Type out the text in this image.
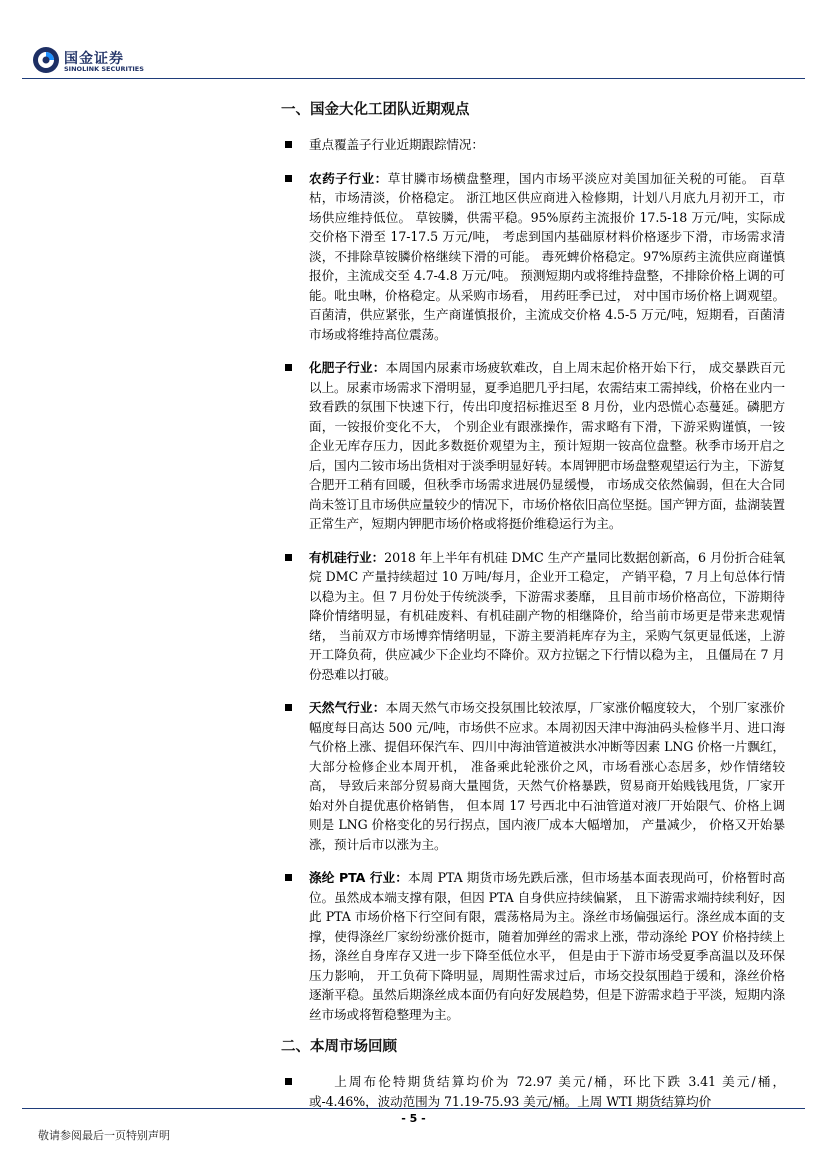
国金证券
SINOLINK SECURITIES
一、国金大化工团队近期观点

重点覆盖子行业近期跟踪情况：

农药子行业：草甘膦市场横盘整理，国内市场平淡应对美国加征关税的可能。 百草枯，市场清淡，价格稳定。 浙江地区供应商进入检修期，计划八月底九月初开工，市场供应维持低位。 草铵膦，供需平稳。95%原药主流报价 17.5-18 万元/吨，实际成交价格下滑至 17-17.5 万元/吨， 考虑到国内基础原材料价格逐步下滑，市场需求清淡，不排除草铵膦价格继续下滑的可能。 毒死蜱价格稳定。97%原药主流供应商谨慎报价，主流成交至 4.7-4.8 万元/吨。 预测短期内或将维持盘整，不排除价格上调的可能。吡虫啉，价格稳定。从采购市场看， 用药旺季已过， 对中国市场价格上调观望。百菌清，供应紧张，生产商谨慎报价，主流成交价格 4.5-5 万元/吨，短期看，百菌清市场或将维持高位震荡。

化肥子行业：本周国内尿素市场疲软难改，自上周末起价格开始下行， 成交暴跌百元以上。尿素市场需求下滑明显，夏季追肥几乎扫尾，农需结束工需掉线，价格在业内一致看跌的氛围下快速下行，传出印度招标推迟至 8 月份，业内恐慌心态蔓延。磷肥方面，一铵报价变化不大， 个别企业有跟涨操作，需求略有下滑，下游采购谨慎，一铵企业无库存压力，因此多数挺价观望为主，预计短期一铵高位盘整。秋季市场开启之后，国内二铵市场出货相对于淡季明显好转。本周钾肥市场盘整观望运行为主，下游复合肥开工稍有回暖，但秋季市场需求进展仍显缓慢， 市场成交依然偏弱，但在大合同尚未签订且市场供应量较少的情况下，市场价格依旧高位坚挺。国产钾方面，盐湖装置正常生产，短期内钾肥市场价格或将挺价维稳运行为主。

有机硅行业：2018 年上半年有机硅 DMC 生产产量同比数据创新高，6 月份折合硅氧烷 DMC 产量持续超过 10 万吨/每月，企业开工稳定， 产销平稳，7 月上旬总体行情以稳为主。但 7 月份处于传统淡季，下游需求萎靡， 且目前市场价格高位，下游期待降价情绪明显，有机硅废料、有机硅副产物的相继降价，给当前市场更是带来悲观情绪， 当前双方市场博弈情绪明显，下游主要消耗库存为主，采购气氛更显低迷，上游开工降负荷，供应减少下企业均不降价。双方拉锯之下行情以稳为主， 且僵局在 7 月份恐难以打破。

天然气行业：本周天然气市场交投氛围比较浓厚，厂家涨价幅度较大， 个别厂家涨价幅度每日高达 500 元/吨，市场供不应求。本周初因天津中海油码头检修半月、进口海气价格上涨、提倡环保汽车、四川中海油管道被洪水冲断等因素 LNG 价格一片飘红， 大部分检修企业本周开机， 准备乘此轮涨价之风，市场看涨心态居多，炒作情绪较高， 导致后来部分贸易商大量囤货，天然气价格暴跌，贸易商开始贱钱甩货，厂家开始对外自提优惠价格销售， 但本周 17 号西北中石油管道对液厂开始限气、价格上调则是 LNG 价格变化的另行拐点，国内液厂成本大幅增加， 产量减少， 价格又开始暴涨，预计后市以涨为主。

涤纶 PTA 行业：本周 PTA 期货市场先跌后涨，但市场基本面表现尚可，价格暂时高位。虽然成本端支撑有限，但因 PTA 自身供应持续偏紧， 且下游需求端持续利好，因此 PTA 市场价格下行空间有限，震荡格局为主。涤丝市场偏强运行。涤丝成本面的支撑，使得涤丝厂家纷纷涨价挺市，随着加弹丝的需求上涨，带动涤纶 POY 价格持续上扬，涤丝自身库存又进一步下降至低位水平， 但是由于下游市场受夏季高温以及环保压力影响， 开工负荷下降明显，周期性需求过后，市场交投氛围趋于缓和，涤丝价格逐渐平稳。虽然后期涤丝成本面仍有向好发展趋势，但是下游需求趋于平淡，短期内涤丝市场或将暂稳整理为主。

二、本周市场回顾

上周布伦特期货结算均价为 72.97 美元/桶，环比下跌 3.41 美元/桶，或-4.46%，波动范围为 71.19-75.93 美元/桶。上周 WTI 期货结算均价

- 5 -
敬请参阅最后一页特别声明
